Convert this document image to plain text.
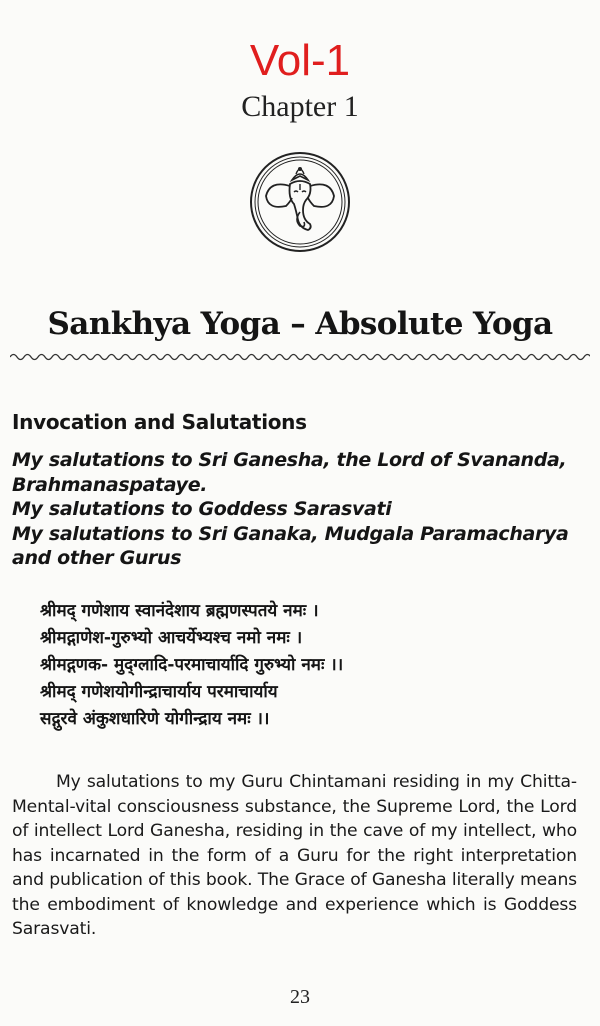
Vol-1
Chapter 1
Sankhya Yoga – Absolute Yoga
Invocation and Salutations
My salutations to Sri Ganesha, the Lord of Svananda,
Brahmanaspataye.
My salutations to Goddess Sarasvati
My salutations to Sri Ganaka, Mudgala Paramacharya
and other Gurus
श्रीमद् गणेशाय स्वानंदेशाय ब्रह्मणस्पतये नमः ।
श्रीमद्गाणेश-गुरुभ्यो आचर्येभ्यश्च नमो नमः ।
श्रीमद्गणक- मुद्ग्लादि-परमाचार्यादि गुरुभ्यो नमः ।।
श्रीमद् गणेशयोगीन्द्राचार्याय परमाचार्याय
सद्गुरवे अंकुशधारिणे योगीन्द्राय नमः ।।
My salutations to my Guru Chintamani residing in my Chitta-Mental-vital consciousness substance, the Supreme Lord, the Lord of intellect Lord Ganesha, residing in the cave of my intellect, who has incarnated in the form of a Guru for the right interpretation and publication of this book. The Grace of Ganesha literally means the embodiment of knowledge and experience which is Goddess Sarasvati.
23
